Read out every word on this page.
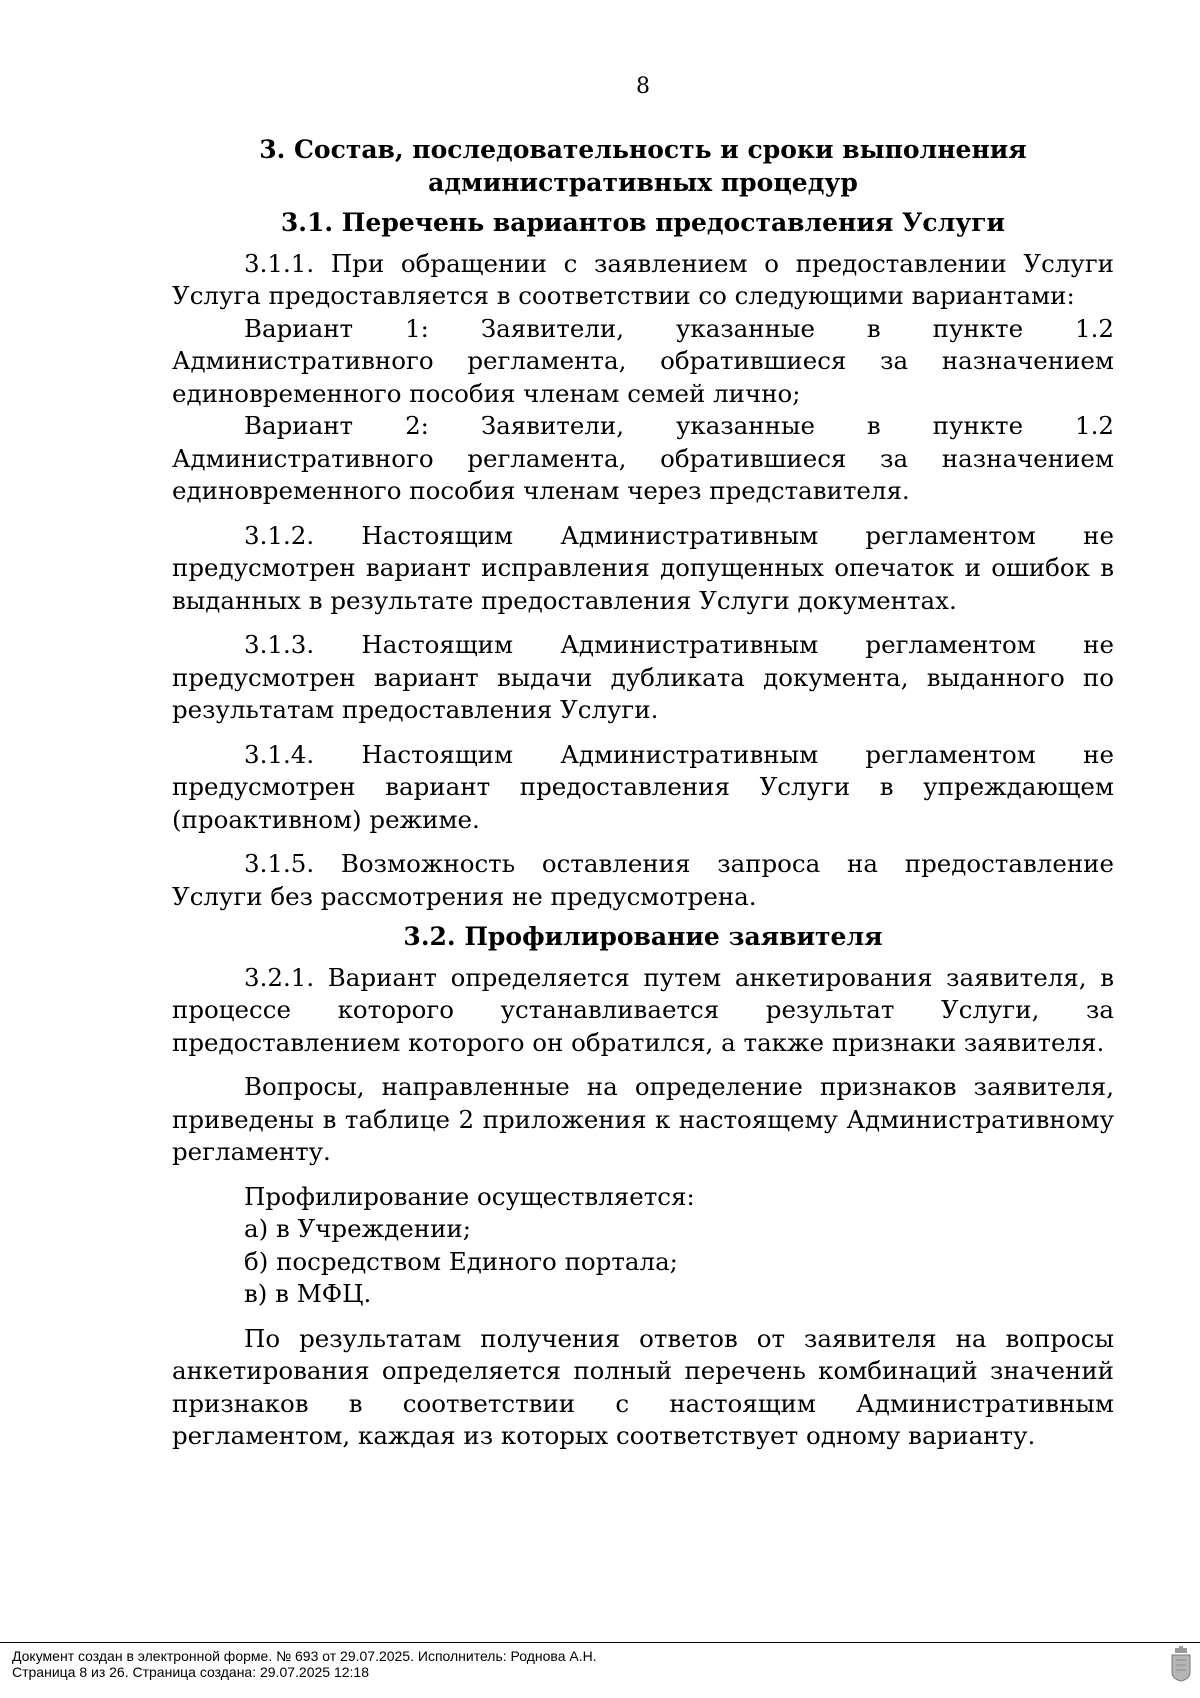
8
3. Состав, последовательность и сроки выполнения административных процедур
3.1. Перечень вариантов предоставления Услуги

3.1.1. При обращении с заявлением о предоставлении Услуги Услуга предоставляется в соответствии со следующими вариантами:

Вариант 1: Заявители, указанные в пункте 1.2 Административного регламента, обратившиеся за назначением единовременного пособия членам семей лично;

Вариант 2: Заявители, указанные в пункте 1.2 Административного регламента, обратившиеся за назначением единовременного пособия членам через представителя.

3.1.2. Настоящим Административным регламентом не предусмотрен вариант исправления допущенных опечаток и ошибок в выданных в результате предоставления Услуги документах.

3.1.3. Настоящим Административным регламентом не предусмотрен вариант выдачи дубликата документа, выданного по результатам предоставления Услуги.

3.1.4. Настоящим Административным регламентом не предусмотрен вариант предоставления Услуги в упреждающем (проактивном) режиме.

3.1.5. Возможность оставления запроса на предоставление Услуги без рассмотрения не предусмотрена.

3.2. Профилирование заявителя

3.2.1. Вариант определяется путем анкетирования заявителя, в процессе которого устанавливается результат Услуги, за предоставлением которого он обратился, а также признаки заявителя.

Вопросы, направленные на определение признаков заявителя, приведены в таблице 2 приложения к настоящему Административному регламенту.

Профилирование осуществляется:

а) в Учреждении;

б) посредством Единого портала;

в) в МФЦ.

По результатам получения ответов от заявителя на вопросы анкетирования определяется полный перечень комбинаций значений признаков в соответствии с настоящим Административным регламентом, каждая из которых соответствует одному варианту.

Документ создан в электронной форме. № 693 от 29.07.2025. Исполнитель: Роднова А.Н.
Страница 8 из 26. Страница создана: 29.07.2025 12:18
